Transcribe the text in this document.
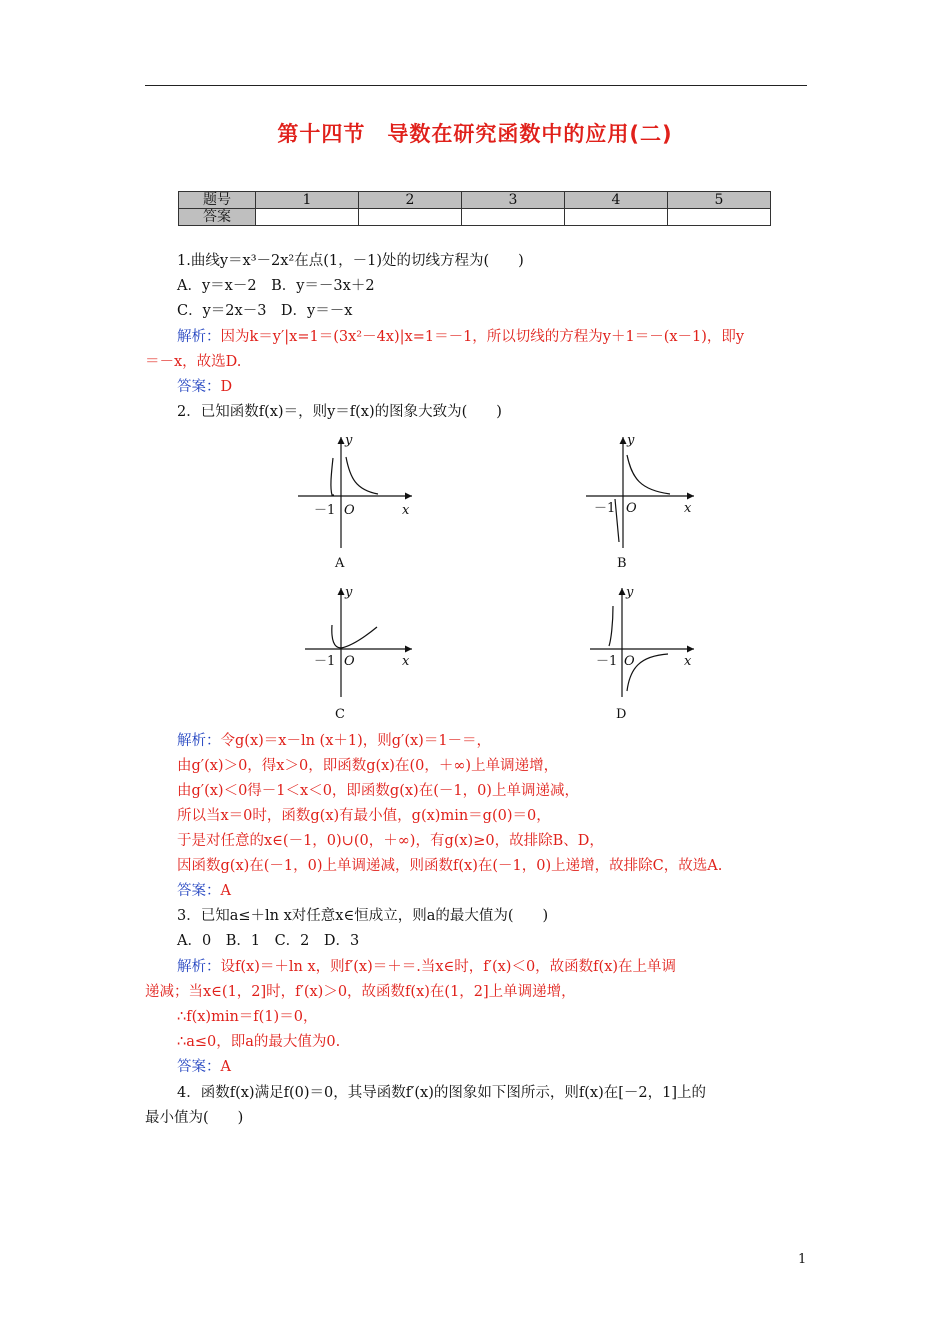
第十四节　导数在研究函数中的应用(二)
题号	1	2	3	4	5
答案					
1.曲线y＝x³－2x²在点(1，－1)处的切线方程为(　　)
A．y＝x－2　B．y＝－3x＋2
C．y＝2x－3　D．y＝－x
解析：因为k＝y′|x=1＝(3x²－4x)|x=1＝－1，所以切线的方程为y＋1＝－(x－1)，即y
＝－x，故选D.
答案：D
2．已知函数f(x)＝，则y＝f(x)的图象大致为(　　)
y
x
O
－1
A
y
x
O
－1
B
y
x
O
－1
C
y
x
O
－1
D
解析：令g(x)＝x－ln (x＋1)，则g′(x)＝1－＝，
由g′(x)＞0，得x＞0，即函数g(x)在(0，＋∞)上单调递增，
由g′(x)＜0得－1＜x＜0，即函数g(x)在(－1，0)上单调递减，
所以当x＝0时，函数g(x)有最小值，g(x)min＝g(0)＝0，
于是对任意的x∈(－1，0)∪(0，＋∞)，有g(x)≥0，故排除B、D，
因函数g(x)在(－1，0)上单调递减，则函数f(x)在(－1，0)上递增，故排除C，故选A.
答案：A
3．已知a≤＋ln x对任意x∈恒成立，则a的最大值为(　　)
A．0　B．1　C．2　D．3
解析：设f(x)＝＋ln x，则f′(x)＝＋＝.当x∈时，f′(x)＜0，故函数f(x)在上单调
递减；当x∈(1，2]时，f′(x)＞0，故函数f(x)在(1，2]上单调递增，
∴f(x)min＝f(1)＝0，
∴a≤0，即a的最大值为0.
答案：A
4．函数f(x)满足f(0)＝0，其导函数f′(x)的图象如下图所示，则f(x)在[－2，1]上的
最小值为(　　)
1
